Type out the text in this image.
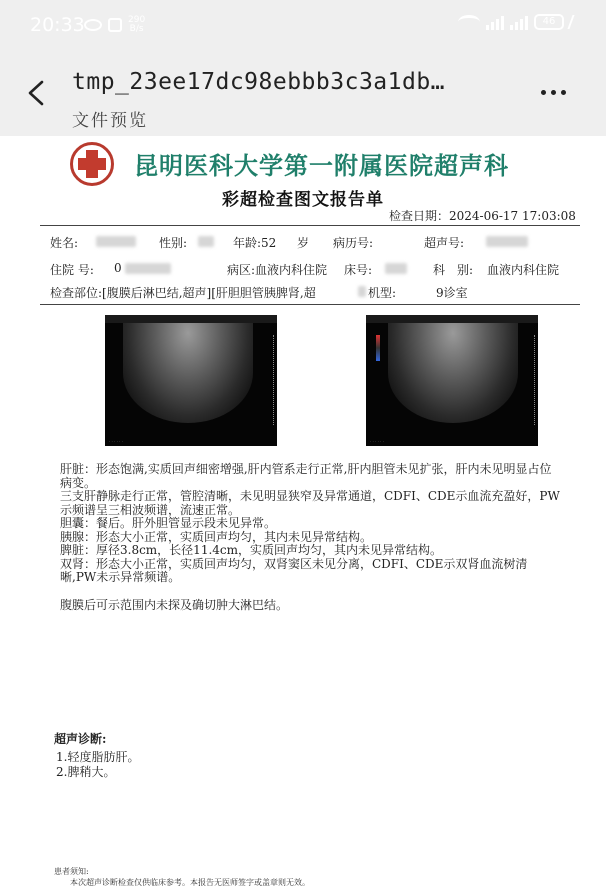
20:33	290
B/s
46
tmp_23ee17dc98ebbb3c3a1db…
文件预览
昆明医科大学第一附属医院超声科
彩超检查图文报告单
检查日期：2024-06-17 17:03:08
姓名:	性别:	年龄:52 岁 病历号:	超声号:
住院 号: 0	病区:血液内科住院 床号:	科 别: 血液内科住院
检查部位:[腹膜后淋巴结,超声][肝胆胆管胰脾肾,超	机型:	9诊室
. . . . . .	. . . . . .

肝脏：形态饱满,实质回声细密增强,肝内管系走行正常,肝内胆管未见扩张，肝内未见明显占位病变。

三支肝静脉走行正常，管腔清晰，未见明显狭窄及异常通道，CDFI、CDE示血流充盈好，PW示频谱呈三相波频谱，流速正常。

胆囊：餐后。肝外胆管显示段未见异常。

胰腺：形态大小正常，实质回声均匀，其内未见异常结构。

脾脏：厚径3.8cm，长径11.4cm，实质回声均匀，其内未见异常结构。

双肾：形态大小正常，实质回声均匀，双肾窦区未见分离，CDFI、CDE示双肾血流树清晰,PW未示异常频谱。

腹膜后可示范围内未探及确切肿大淋巴结。

超声诊断:
1.轻度脂肪肝。
2.脾稍大。
患者须知:
本次超声诊断检查仅供临床参考。本报告无医师签字或盖章则无效。
